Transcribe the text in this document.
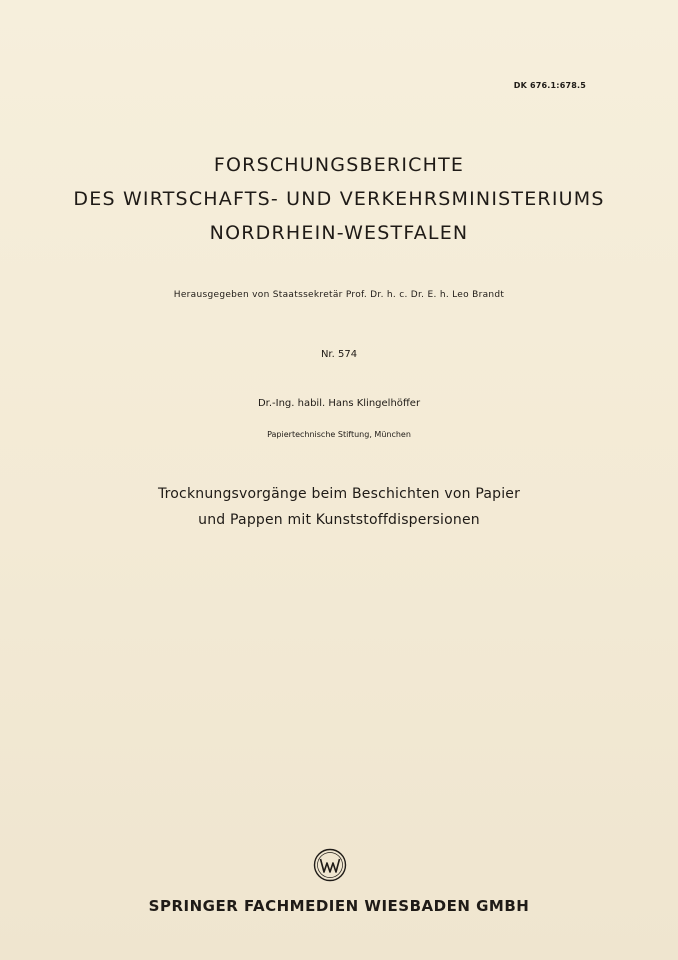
DK 676.1:678.5
FORSCHUNGSBERICHTE
DES WIRTSCHAFTS- UND VERKEHRSMINISTERIUMS
NORDRHEIN-WESTFALEN
Herausgegeben von Staatssekretär Prof. Dr. h. c. Dr. E. h. Leo Brandt
Nr. 574
Dr.-Ing. habil. Hans Klingelhöffer
Papiertechnische Stiftung, München
Trocknungsvorgänge beim Beschichten von Papier
und Pappen mit Kunststoffdispersionen
SPRINGER FACHMEDIEN WIESBADEN GMBH
